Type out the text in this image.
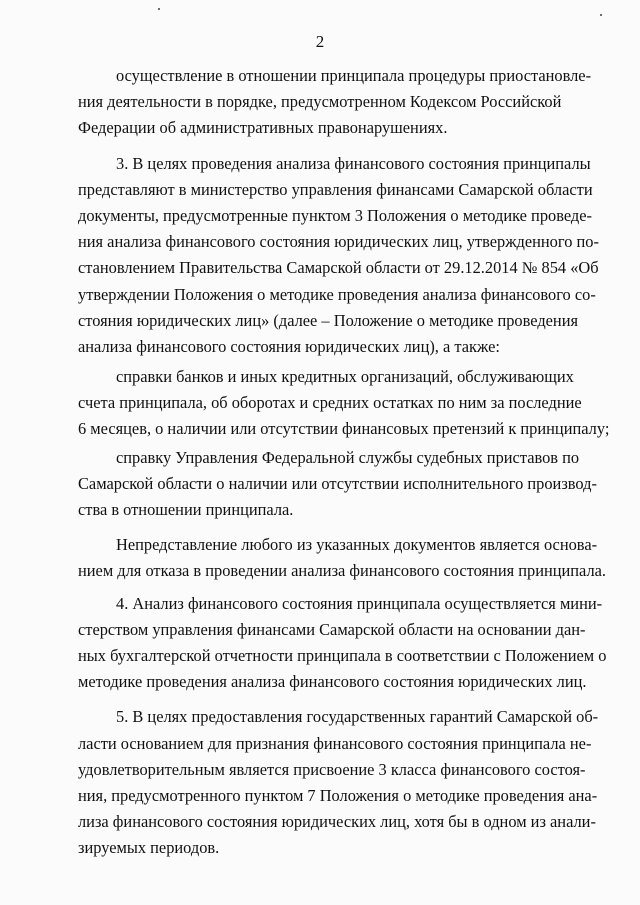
2
осуществление в отношении принципала процедуры приостановле-
ния деятельности в порядке, предусмотренном Кодексом Российской
Федерации об административных правонарушениях.
3. В целях проведения анализа финансового состояния принципалы
представляют в министерство управления финансами Самарской области
документы, предусмотренные пунктом 3 Положения о методике проведе-
ния анализа финансового состояния юридических лиц, утвержденного по-
становлением Правительства Самарской области от 29.12.2014 № 854 «Об
утверждении Положения о методике проведения анализа финансового со-
стояния юридических лиц» (далее – Положение о методике проведения
анализа финансового состояния юридических лиц), а также:
справки банков и иных кредитных организаций, обслуживающих
счета принципала, об оборотах и средних остатках по ним за последние
6 месяцев, о наличии или отсутствии финансовых претензий к принципалу;
справку Управления Федеральной службы судебных приставов по
Самарской области о наличии или отсутствии исполнительного производ-
ства в отношении принципала.
Непредставление любого из указанных документов является основа-
нием для отказа в проведении анализа финансового состояния принципала.
4. Анализ финансового состояния принципала осуществляется мини-
стерством управления финансами Самарской области на основании дан-
ных бухгалтерской отчетности принципала в соответствии с Положением о
методике проведения анализа финансового состояния юридических лиц.
5. В целях предоставления государственных гарантий Самарской об-
ласти основанием для признания финансового состояния принципала не-
удовлетворительным является присвоение 3 класса финансового состоя-
ния, предусмотренного пунктом 7 Положения о методике проведения ана-
лиза финансового состояния юридических лиц, хотя бы в одном из анали-
зируемых периодов.
